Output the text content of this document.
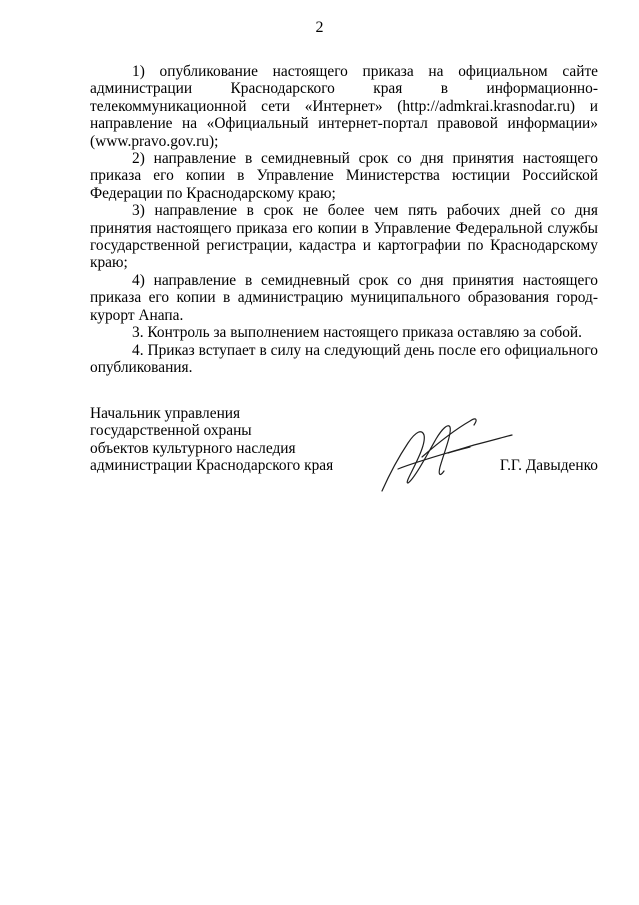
2

1) опубликование настоящего приказа на официальном сайте администрации Краснодарского края в информационно-телекоммуникационной сети «Интернет» (http://admkrai.krasnodar.ru) и направление на «Официальный интернет-портал правовой информации» (www.pravo.gov.ru);

2) направление в семидневный срок со дня принятия настоящего приказа его копии в Управление Министерства юстиции Российской Федерации по Краснодарскому краю;

3) направление в срок не более чем пять рабочих дней со дня принятия настоящего приказа его копии в Управление Федеральной службы государственной регистрации, кадастра и картографии по Краснодарскому краю;

4) направление в семидневный срок со дня принятия настоящего приказа его копии в администрацию муниципального образования город-курорт Анапа.

3. Контроль за выполнением настоящего приказа оставляю за собой.

4. Приказ вступает в силу на следующий день после его официального опубликования.

Начальник управления
государственной охраны
объектов культурного наследия
администрации Краснодарского края	Г.Г. Давыденко
